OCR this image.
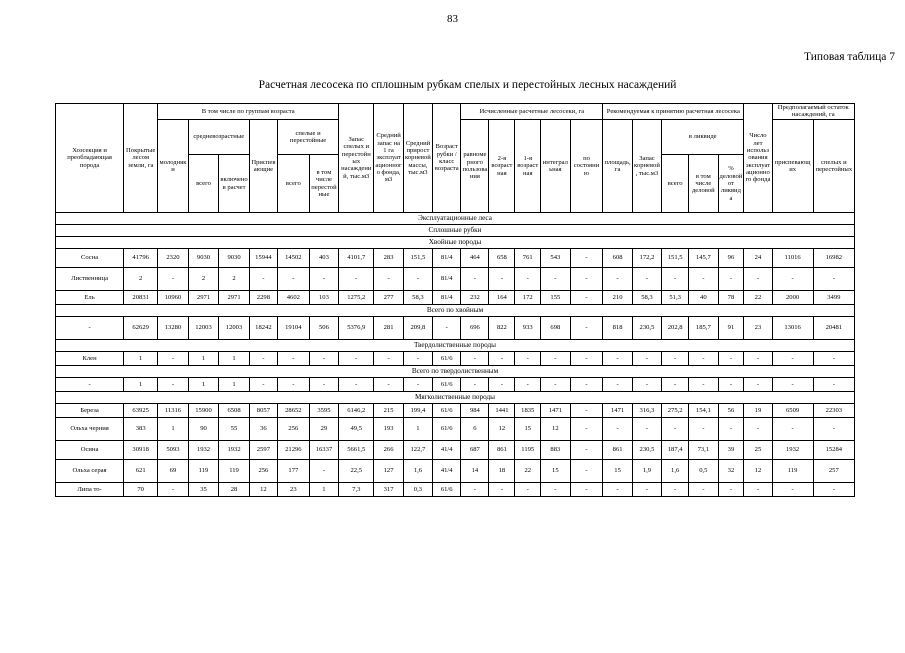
83
Типовая таблица 7
Расчетная лесосека по сплошным рубкам спелых и перестойных лесных насаждений
Хозсекция и преобладающая порода	Покрытые лесом земли, га	В том числе по группам возраста						Запас спелых и перестойных насаждений, тыс.м3	Средний запас на 1 га эксплуатационного фонда, м3	Средний прирост корневой массы, тыс.м3	Возраст рубки / класс возраста	Исчисленные расчетные лесосеки, га					Рекомендуемая к принятию расчетная лесосека					Число лет использования эксплуатационного фонда	Предполагаемый остаток насаждений, га	
		молодняки	средневозрастные		Приспевающие	спелые и перестойные						равномерного пользования	2-я возрастная	1-я возрастная	интегральная	по состоянию	площадь, га	Запас корневой, тыс.м3	в ликвиде				приспевающих	спелых и перестойных
			всего	включено в расчет		всего	в том числе перестойные												всего	в том числе деловой	% деловой от ликвида			

Эксплуатационные леса																								
Сплошные рубки																								
Хвойные породы																								
Сосна	41796	2320	9030	9030	15944	14502	403	4101,7	283	151,5	81/4	464	658	761	543	-	608	172,2	151,5	145,7	96	24	11016	16982
Лиственница	2	-	2	2	-	-	-	-	-	-	81/4	-	-	-	-	-	-	-	-	-	-	-	-	-
Ель	20831	10960	2971	2971	2298	4602	103	1275,2	277	58,3	81/4	232	164	172	155	-	210	58,3	51,3	40	78	22	2000	3499
Всего по хвойным																								
-	62629	13280	12003	12003	18242	19104	506	5376,9	281	209,8	-	696	822	933	698	-	818	230,5	202,8	185,7	91	23	13016	20481
Твердолиственные породы																								
Клен	1	-	1	1	-	-	-	-	-	-	61/6	-	-	-	-	-	-	-	-	-	-	-	-	-
Всего по твердолиственным																								
-	1	-	1	1	-	-	-	-	-	-	61/6	-	-	-	-	-	-	-	-	-	-	-	-	-
Мягколиственные породы																								
Береза	63925	11316	15900	6508	8057	28652	3595	6146,2	215	199,4	61/6	984	1441	1835	1471	-	1471	316,3	275,2	154,1	56	19	6509	22303
Ольха черния	383	1	90	55	36	256	29	49,5	193	1	61/6	6	12	15	12	-	-	-	-	-	-	-	-	-
Осина	30918	5093	1932	1932	2597	21296	16337	5661,5	266	122,7	41/4	687	861	1195	883	-	861	230,5	187,4	73,1	39	25	1932	15284
Ольха серая	621	69	119	119	256	177	-	22,5	127	1,6	41/4	14	18	22	15	-	15	1,9	1,6	0,5	32	12	119	257
Липа то-	70	-	35	28	12	23	1	7,3	317	0,3	61/6	-	-	-	-	-	-	-	-	-	-	-	-	-
